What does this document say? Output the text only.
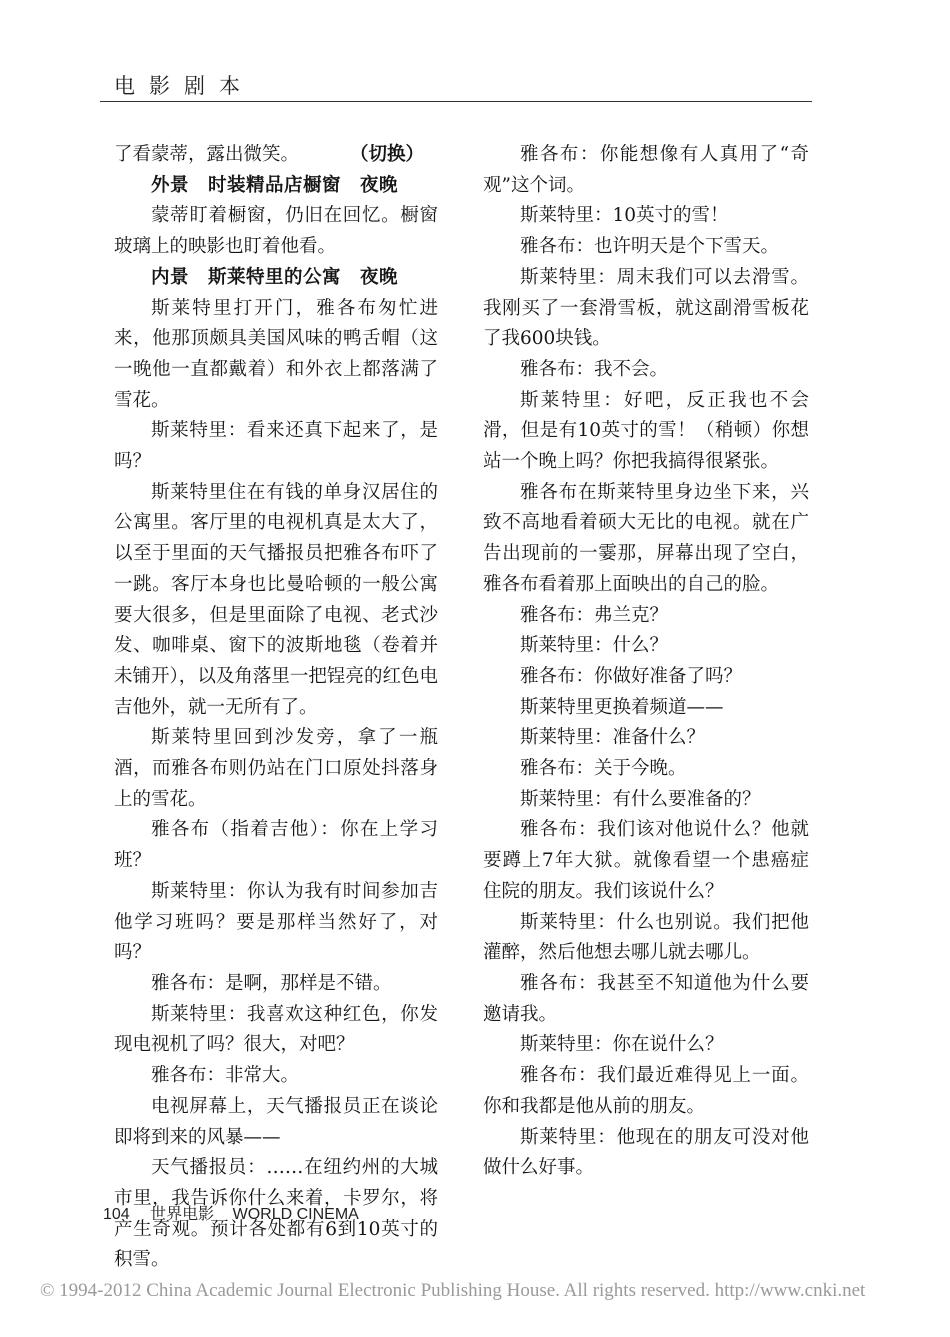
电影剧本

（切换）
了看蒙蒂，露出微笑。

外景　时装精品店橱窗　夜晚

蒙蒂盯着橱窗，仍旧在回忆。橱窗玻璃上的映影也盯着他看。

内景　斯莱特里的公寓　夜晚

斯莱特里打开门，雅各布匆忙进来，他那顶颇具美国风味的鸭舌帽（这一晚他一直都戴着）和外衣上都落满了雪花。

斯莱特里：看来还真下起来了，是吗？

斯莱特里住在有钱的单身汉居住的公寓里。客厅里的电视机真是太大了，以至于里面的天气播报员把雅各布吓了一跳。客厅本身也比曼哈顿的一般公寓要大很多，但是里面除了电视、老式沙发、咖啡桌、窗下的波斯地毯（卷着并未铺开），以及角落里一把锃亮的红色电吉他外，就一无所有了。

斯莱特里回到沙发旁，拿了一瓶酒，而雅各布则仍站在门口原处抖落身上的雪花。

雅各布（指着吉他）：你在上学习班？

斯莱特里：你认为我有时间参加吉他学习班吗？要是那样当然好了，对吗？

雅各布：是啊，那样是不错。

斯莱特里：我喜欢这种红色，你发现电视机了吗？很大，对吧？

雅各布：非常大。

电视屏幕上，天气播报员正在谈论即将到来的风暴——

天气播报员：……在纽约州的大城市里，我告诉你什么来着，卡罗尔，将产生奇观。预计各处都有6到10英寸的积雪。

雅各布：你能想像有人真用了“奇观”这个词。

斯莱特里：10英寸的雪！

雅各布：也许明天是个下雪天。

斯莱特里：周末我们可以去滑雪。我刚买了一套滑雪板，就这副滑雪板花了我600块钱。

雅各布：我不会。

斯莱特里：好吧，反正我也不会滑，但是有10英寸的雪！（稍顿）你想站一个晚上吗？你把我搞得很紧张。

雅各布在斯莱特里身边坐下来，兴致不高地看着硕大无比的电视。就在广告出现前的一霎那，屏幕出现了空白，雅各布看着那上面映出的自己的脸。

雅各布：弗兰克？

斯莱特里：什么？

雅各布：你做好准备了吗？

斯莱特里更换着频道——

斯莱特里：准备什么？

雅各布：关于今晚。

斯莱特里：有什么要准备的？

雅各布：我们该对他说什么？他就要蹲上7年大狱。就像看望一个患癌症住院的朋友。我们该说什么？

斯莱特里：什么也别说。我们把他灌醉，然后他想去哪儿就去哪儿。

雅各布：我甚至不知道他为什么要邀请我。

斯莱特里：你在说什么？

雅各布：我们最近难得见上一面。你和我都是他从前的朋友。

斯莱特里：他现在的朋友可没对他做什么好事。

104 世界电影 WORLD CINEMA
© 1994-2012 China Academic Journal Electronic Publishing House. All rights reserved. http://www.cnki.net
